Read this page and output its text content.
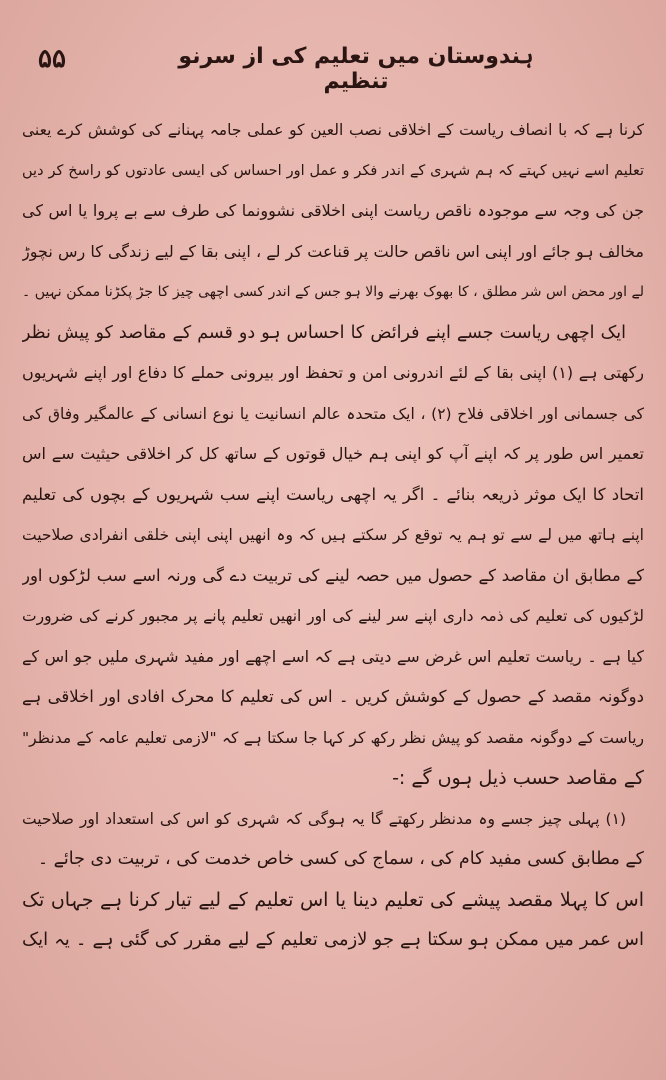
۵۵	ہندوستان میں تعلیم کی از سرنو تنظیم
کرنا ہے کہ با انصاف ریاست کے اخلاقی نصب العین کو عملی جامہ پہنانے کی کوشش کرے یعنی
تعلیم اسے نہیں کہتے کہ ہم شہری کے اندر فکر و عمل اور احساس کی ایسی عادتوں کو راسخ کر دیں
جن کی وجہ سے موجودہ ناقص ریاست اپنی اخلاقی نشوونما کی طرف سے بے پروا یا اس کی
مخالف ہو جائے اور اپنی اس ناقص حالت پر قناعت کر لے ، اپنی بقا کے لیے زندگی کا رس نچوڑ
لے اور محض اس شر مطلق ، کا بھوک بھرنے والا ہو جس کے اندر کسی اچھی چیز کا جڑ پکڑنا ممکن نہیں ۔
ایک اچھی ریاست جسے اپنے فرائض کا احساس ہو دو قسم کے مقاصد کو پیش نظر
رکھتی ہے (۱) اپنی بقا کے لئے اندرونی امن و تحفظ اور بیرونی حملے کا دفاع اور اپنے شہریوں
کی جسمانی اور اخلاقی فلاح (۲) ، ایک متحدہ عالم انسانیت یا نوع انسانی کے عالمگیر وفاق کی
تعمیر اس طور پر کہ اپنے آپ کو اپنی ہم خیال قوتوں کے ساتھ کل کر اخلاقی حیثیت سے اس
اتحاد کا ایک موثر ذریعہ بنائے ۔ اگر یہ اچھی ریاست اپنے سب شہریوں کے بچوں کی تعلیم
اپنے ہاتھ میں لے سے تو ہم یہ توقع کر سکتے ہیں کہ وہ انھیں اپنی اپنی خلقی انفرادی صلاحیت
کے مطابق ان مقاصد کے حصول میں حصہ لینے کی تربیت دے گی ورنہ اسے سب لڑکوں اور
لڑکیوں کی تعلیم کی ذمہ داری اپنے سر لینے کی اور انھیں تعلیم پانے پر مجبور کرنے کی ضرورت
کیا ہے ۔ ریاست تعلیم اس غرض سے دیتی ہے کہ اسے اچھے اور مفید شہری ملیں جو اس کے
دوگونہ مقصد کے حصول کے کوشش کریں ۔ اس کی تعلیم کا محرک افادی اور اخلاقی ہے
ریاست کے دوگونہ مقصد کو پیش نظر رکھ کر کہا جا سکتا ہے کہ "لازمی تعلیم عامہ کے مدنظر"
کے مقاصد حسب ذیل ہوں گے :-
(۱) پہلی چیز جسے وہ مدنظر رکھتے گا یہ ہوگی کہ شہری کو اس کی استعداد اور صلاحیت
کے مطابق کسی مفید کام کی ، سماج کی کسی خاص خدمت کی ، تربیت دی جائے ۔
اس کا پہلا مقصد پیشے کی تعلیم دینا یا اس تعلیم کے لیے تیار کرنا ہے جہاں تک
اس عمر میں ممکن ہو سکتا ہے جو لازمی تعلیم کے لیے مقرر کی گئی ہے ۔ یہ ایک
